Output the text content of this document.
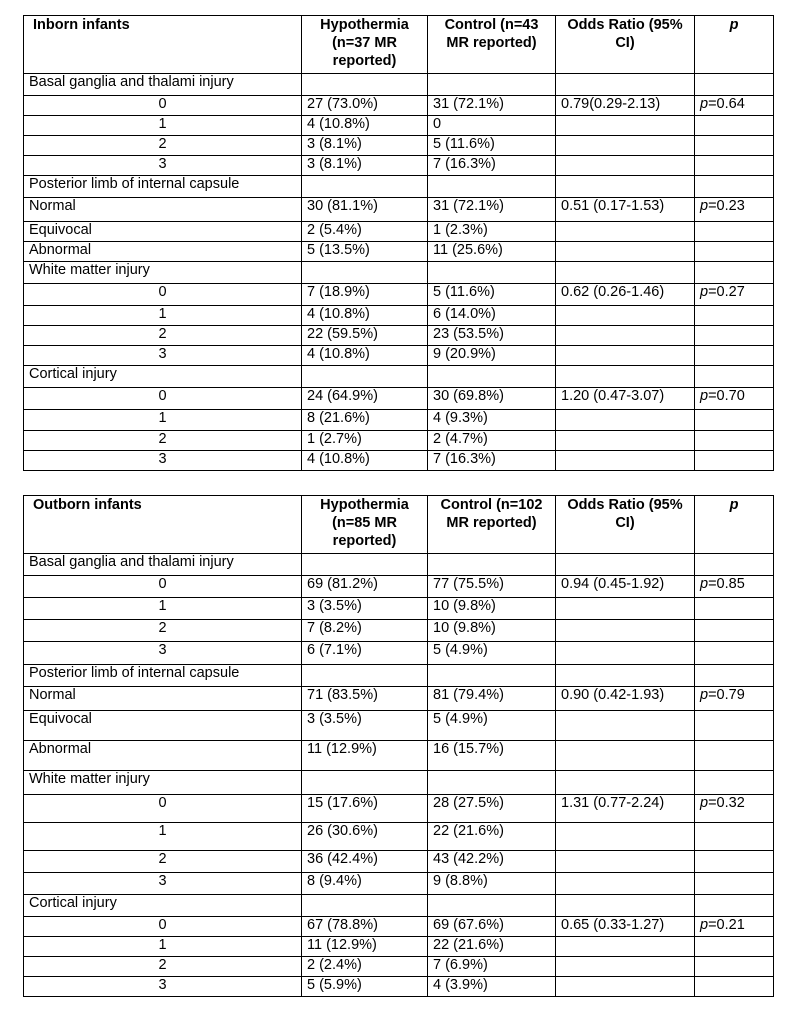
Inborn infants	Hypothermia (n=37 MR reported)	Control (n=43 MR reported)	Odds Ratio (95% CI)	p
Basal ganglia and thalami injury				
0	27 (73.0%)	31 (72.1%)	0.79(0.29-2.13)	p=0.64
1	4 (10.8%)	0		
2	3 (8.1%)	5 (11.6%)		
3	3 (8.1%)	7 (16.3%)		
Posterior limb of internal capsule				
Normal	30 (81.1%)	31 (72.1%)	0.51 (0.17-1.53)	p=0.23
Equivocal	2 (5.4%)	1 (2.3%)		
Abnormal	5 (13.5%)	11 (25.6%)		
White matter injury				
0	7 (18.9%)	5 (11.6%)	0.62 (0.26-1.46)	p=0.27
1	4 (10.8%)	6 (14.0%)		
2	22 (59.5%)	23 (53.5%)		
3	4 (10.8%)	9 (20.9%)		
Cortical injury				
0	24 (64.9%)	30 (69.8%)	1.20 (0.47-3.07)	p=0.70
1	8 (21.6%)	4 (9.3%)		
2	1 (2.7%)	2 (4.7%)		
3	4 (10.8%)	7 (16.3%)		
Outborn infants	Hypothermia (n=85 MR reported)	Control (n=102 MR reported)	Odds Ratio (95% CI)	p
Basal ganglia and thalami injury				
0	69 (81.2%)	77 (75.5%)	0.94 (0.45-1.92)	p=0.85
1	3 (3.5%)	10 (9.8%)		
2	7 (8.2%)	10 (9.8%)		
3	6 (7.1%)	5 (4.9%)		
Posterior limb of internal capsule				
Normal	71 (83.5%)	81 (79.4%)	0.90 (0.42-1.93)	p=0.79
Equivocal	3 (3.5%)	5 (4.9%)		
Abnormal	11 (12.9%)	16 (15.7%)		
White matter injury				
0	15 (17.6%)	28 (27.5%)	1.31 (0.77-2.24)	p=0.32
1	26 (30.6%)	22 (21.6%)		
2	36 (42.4%)	43 (42.2%)		
3	8 (9.4%)	9 (8.8%)		
Cortical injury				
0	67 (78.8%)	69 (67.6%)	0.65 (0.33-1.27)	p=0.21
1	11 (12.9%)	22 (21.6%)		
2	2 (2.4%)	7 (6.9%)		
3	5 (5.9%)	4 (3.9%)		
